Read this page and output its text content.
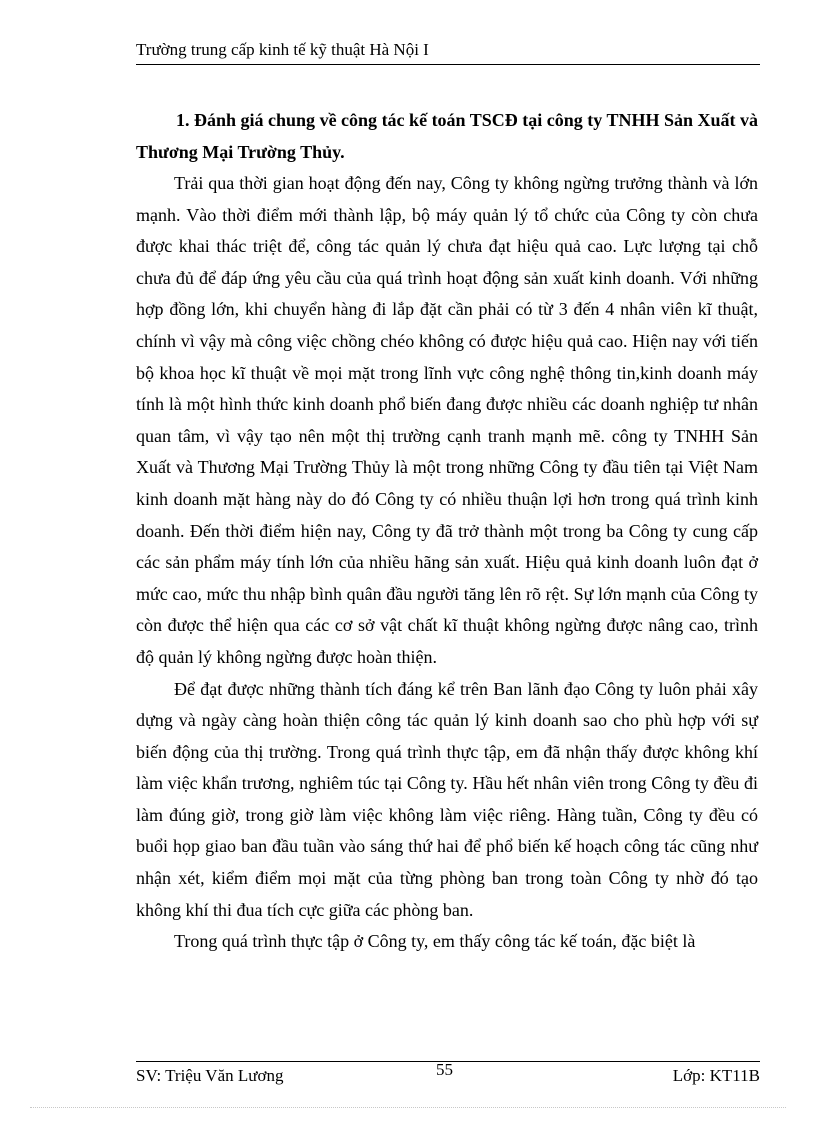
Trường trung cấp kinh tế kỹ thuật Hà Nội I

1. Đánh giá chung về công tác kế toán TSCĐ tại công ty TNHH Sản Xuất và Thương Mại Trường Thủy.

Trải qua thời gian hoạt động đến nay, Công ty không ngừng trưởng thành và lớn mạnh. Vào thời điểm mới thành lập, bộ máy quản lý tổ chức của Công ty còn chưa được khai thác triệt để, công tác quản lý chưa đạt hiệu quả cao. Lực lượng tại chỗ chưa đủ để đáp ứng yêu cầu của quá trình hoạt động sản xuất kinh doanh. Với những hợp đồng lớn, khi chuyển hàng đi lắp đặt cần phải có từ 3 đến 4 nhân viên kĩ thuật, chính vì vậy mà công việc chồng chéo không có được hiệu quả cao. Hiện nay với tiến bộ khoa học kĩ thuật về mọi mặt trong lĩnh vực công nghệ thông tin,kinh doanh máy tính là một hình thức kinh doanh phổ biến đang được nhiều các doanh nghiệp tư nhân quan tâm, vì vậy tạo nên một thị trường cạnh tranh mạnh mẽ. công ty TNHH Sản Xuất và Thương Mại Trường Thủy là một trong những Công ty đầu tiên tại Việt Nam kinh doanh mặt hàng này do đó Công ty có nhiều thuận lợi hơn trong quá trình kinh doanh. Đến thời điểm hiện nay, Công ty đã trở thành một trong ba Công ty cung cấp các sản phẩm máy tính lớn của nhiều hãng sản xuất. Hiệu quả kinh doanh luôn đạt ở mức cao, mức thu nhập bình quân đầu người tăng lên rõ rệt. Sự lớn mạnh của Công ty còn được thể hiện qua các cơ sở vật chất kĩ thuật không ngừng được nâng cao, trình độ quản lý không ngừng được hoàn thiện.

Để đạt được những thành tích đáng kể trên Ban lãnh đạo Công ty luôn phải xây dựng và ngày càng hoàn thiện công tác quản lý kinh doanh sao cho phù hợp với sự biến động của thị trường. Trong quá trình thực tập, em đã nhận thấy được không khí làm việc khẩn trương, nghiêm túc tại Công ty. Hầu hết nhân viên trong Công ty đều đi làm đúng giờ, trong giờ làm việc không làm việc riêng. Hàng tuần, Công ty đều có buổi họp giao ban đầu tuần vào sáng thứ hai để phổ biến kế hoạch công tác cũng như nhận xét, kiểm điểm mọi mặt của từng phòng ban trong toàn Công ty nhờ đó tạo không khí thi đua tích cực giữa các phòng ban.

Trong quá trình thực tập ở Công ty, em thấy công tác kế toán, đặc biệt là

SV: Triệu Văn Lương	55	Lớp: KT11B
